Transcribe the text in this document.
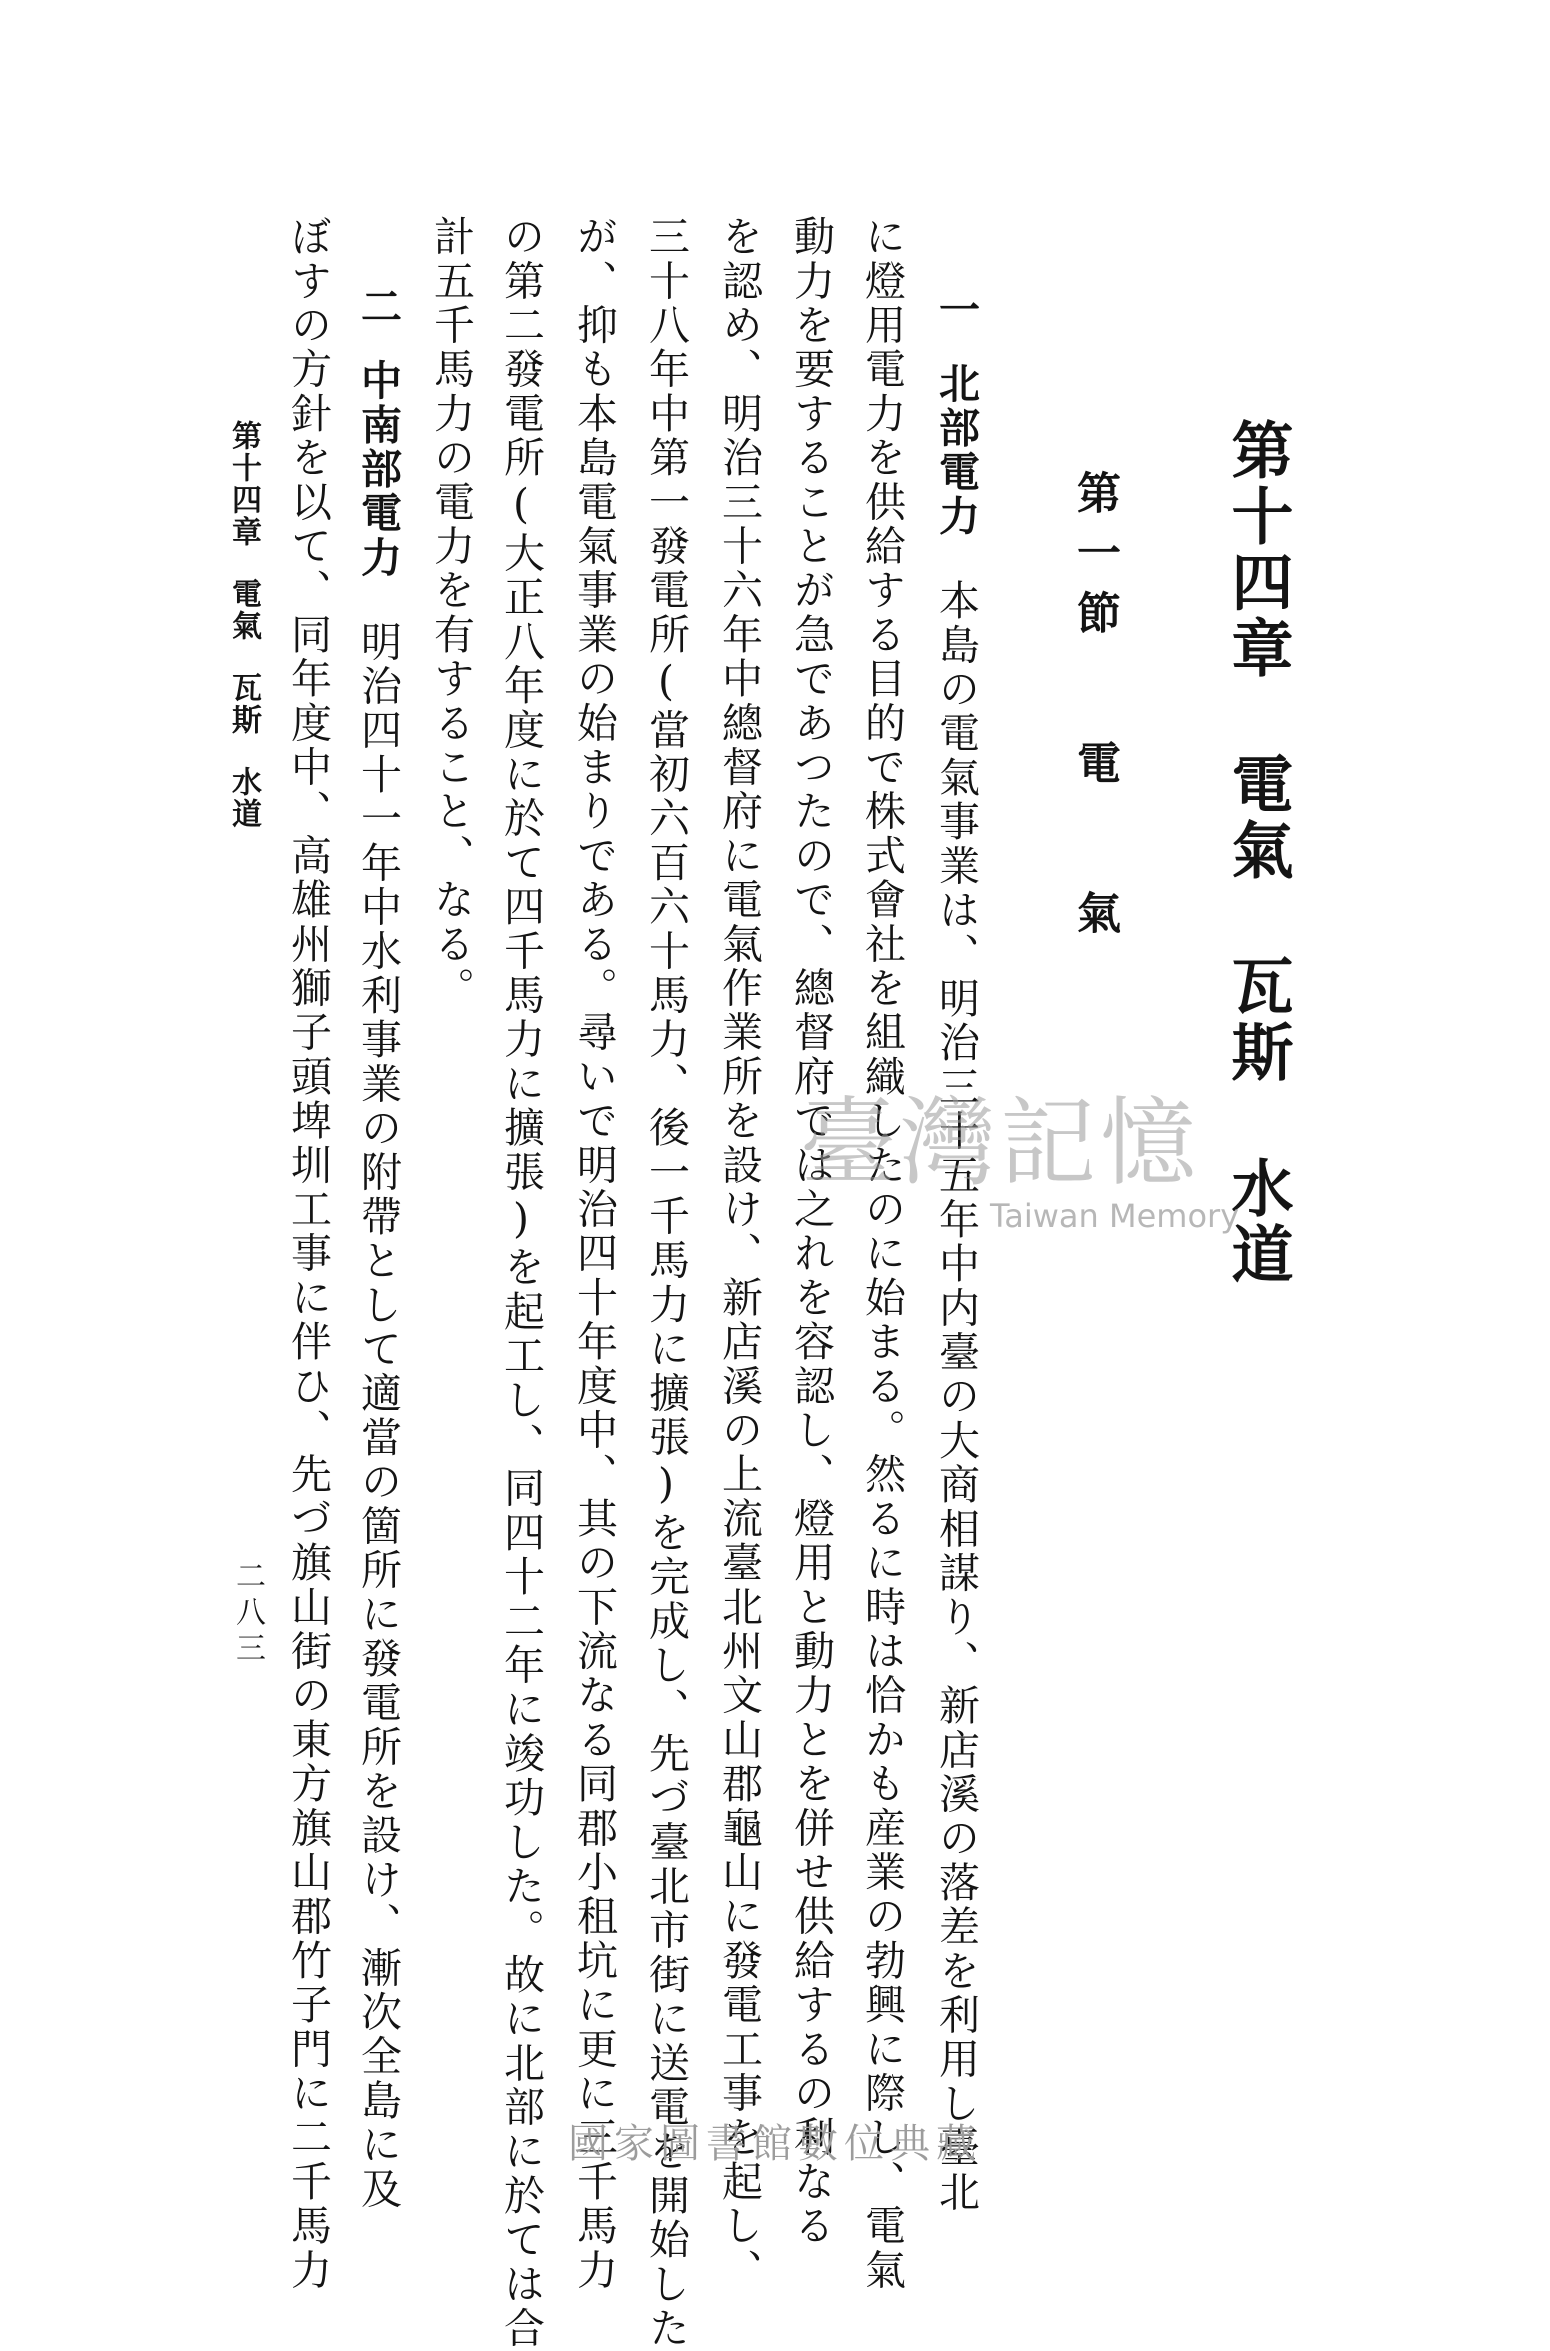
第十四章電氣瓦斯水道
第一節電氣
一北部電力本島の電氣事業は、明治三十五年中内臺の大商相謀り、新店溪の落差を利用し臺北
に燈用電力を供給する目的で株式會社を組織したのに始まる。然るに時は恰かも産業の勃興に際し、電氣
動力を要することが急であつたので、總督府では之れを容認し、燈用と動力とを併せ供給するの利なる
を認め、明治三十六年中總督府に電氣作業所を設け、新店溪の上流臺北州文山郡龜山に發電工事を起し、
三十八年中第一發電所(當初六百六十馬力、後一千馬力に擴張)を完成し、先づ臺北市街に送電を開始した
が、抑も本島電氣事業の始まりである。尋いで明治四十年度中、其の下流なる同郡小租坑に更に三千馬力
の第二發電所(大正八年度に於て四千馬力に擴張)を起工し、同四十二年に竣功した。故に北部に於ては合
計五千馬力の電力を有すること、なる。
二中南部電力明治四十一年中水利事業の附帶として適當の箇所に發電所を設け、漸次全島に及
ぼすの方針を以て、同年度中、高雄州獅子頭埤圳工事に伴ひ、先づ旗山街の東方旗山郡竹子門に二千馬力
第十四章電氣瓦斯水道
二八三
臺灣記憶
Taiwan Memory
國家圖書館數位典藏
